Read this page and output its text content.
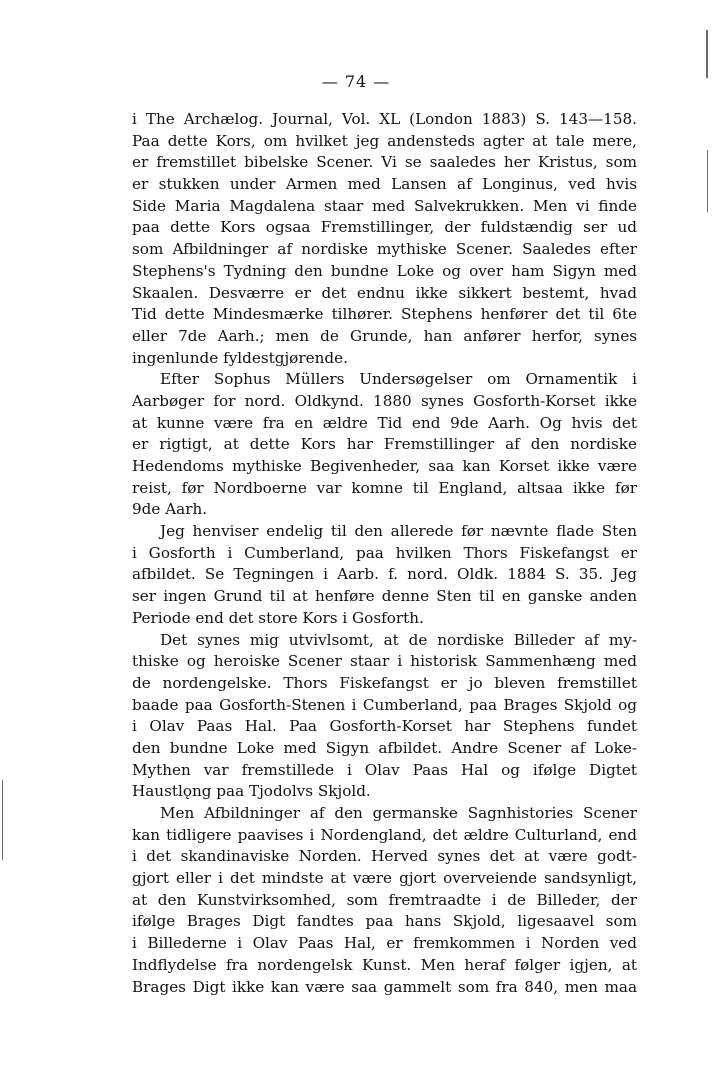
— 74 —
i The Archælog. Journal, Vol. XL (London 1883) S. 143—158.
Paa dette Kors, om hvilket jeg andensteds agter at tale mere,
er fremstillet bibelske Scener. Vi se saaledes her Kristus, som
er stukken under Armen med Lansen af Longinus, ved hvis
Side Maria Magdalena staar med Salvekrukken. Men vi finde
paa dette Kors ogsaa Fremstillinger, der fuldstændig ser ud
som Afbildninger af nordiske mythiske Scener. Saaledes efter
Stephens's Tydning den bundne Loke og over ham Sigyn med
Skaalen. Desværre er det endnu ikke sikkert bestemt, hvad
Tid dette Mindesmærke tilhører. Stephens henfører det til 6te
eller 7de Aarh.; men de Grunde, han anfører herfor, synes
ingenlunde fyldestgjørende.
Efter Sophus Müllers Undersøgelser om Ornamentik i
Aarbøger for nord. Oldkynd. 1880 synes Gosforth-Korset ikke
at kunne være fra en ældre Tid end 9de Aarh. Og hvis det
er rigtigt, at dette Kors har Fremstillinger af den nordiske
Hedendoms mythiske Begivenheder, saa kan Korset ikke være
reist, før Nordboerne var komne til England, altsaa ikke før
9de Aarh.
Jeg henviser endelig til den allerede før nævnte flade Sten
i Gosforth i Cumberland, paa hvilken Thors Fiskefangst er
afbildet. Se Tegningen i Aarb. f. nord. Oldk. 1884 S. 35. Jeg
ser ingen Grund til at henføre denne Sten til en ganske anden
Periode end det store Kors i Gosforth.
Det synes mig utvivlsomt, at de nordiske Billeder af my-
thiske og heroiske Scener staar i historisk Sammenhæng med
de nordengelske. Thors Fiskefangst er jo bleven fremstillet
baade paa Gosforth-Stenen i Cumberland, paa Brages Skjold og
i Olav Paas Hal. Paa Gosforth-Korset har Stephens fundet
den bundne Loke med Sigyn afbildet. Andre Scener af Loke-
Mythen var fremstillede i Olav Paas Hal og ifølge Digtet
Haustlǫng paa Tjodolvs Skjold.
Men Afbildninger af den germanske Sagnhistories Scener
kan tidligere paavises i Nordengland, det ældre Culturland, end
i det skandinaviske Norden. Herved synes det at være godt-
gjort eller i det mindste at være gjort overveiende sandsynligt,
at den Kunstvirksomhed, som fremtraadte i de Billeder, der
ifølge Brages Digt fandtes paa hans Skjold, ligesaavel som
i Billederne i Olav Paas Hal, er fremkommen i Norden ved
Indflydelse fra nordengelsk Kunst. Men heraf følger igjen, at
Brages Digt ikke kan være saa gammelt som fra 840, men maa
